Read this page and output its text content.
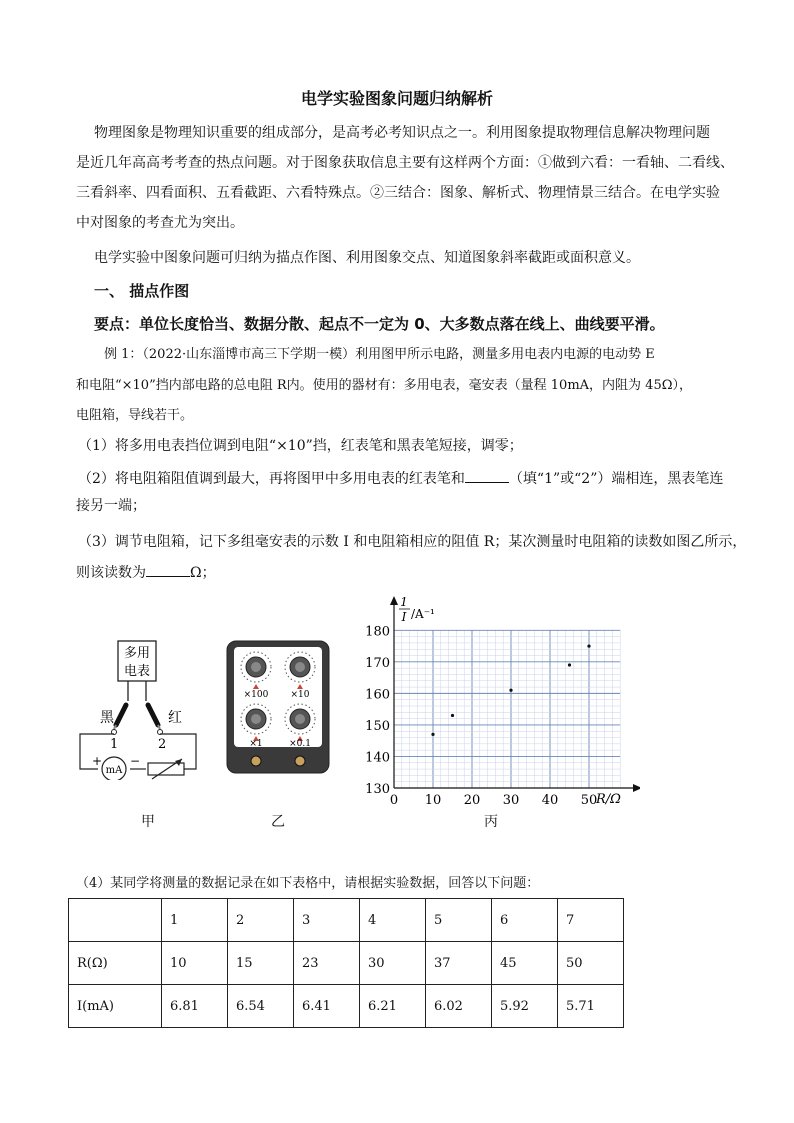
电学实验图象问题归纳解析
物理图象是物理知识重要的组成部分，是高考必考知识点之一。利用图象提取物理信息解决物理问题
是近几年高高考考查的热点问题。对于图象获取信息主要有这样两个方面：①做到六看：一看轴、二看线、
三看斜率、四看面积、五看截距、六看特殊点。②三结合：图象、解析式、物理情景三结合。在电学实验
中对图象的考查尤为突出。
电学实验中图象问题可归纳为描点作图、利用图象交点、知道图象斜率截距或面积意义。
一、 描点作图
要点：单位长度恰当、数据分散、起点不一定为 0、大多数点落在线上、曲线要平滑。
例 1：（2022·山东淄博市高三下学期一模）利用图甲所示电路，测量多用电表内电源的电动势 E
和电阻“×10”挡内部电路的总电阻 R内。使用的器材有：多用电表，毫安表（量程 10mA，内阻为 45Ω），
电阻箱，导线若干。
（1）将多用电表挡位调到电阻“×10”挡，红表笔和黑表笔短接，调零；
（2）将电阻箱阻值调到最大，再将图甲中多用电表的红表笔和	（填“1”或“2”）端相连，黑表笔连
接另一端；
（3）调节电阻箱，记下多组毫安表的示数 I 和电阻箱相应的阻值 R；某次测量时电阻箱的读数如图乙所示，
则该读数为	Ω；
多用
电表
黑	红
1	2
mA
+ −
甲
×100 ×10
×1	×0.1
乙
0 10 20 30 40 50
130
140
150
160
170
180
1
I /A⁻¹
R/Ω
丙
（4）某同学将测量的数据记录在如下表格中，请根据实验数据，回答以下问题：
	1	2	3	4	5	6	7
R(Ω)	10	15	23	30	37	45	50
I(mA)	6.81	6.54	6.41	6.21	6.02	5.92	5.71
